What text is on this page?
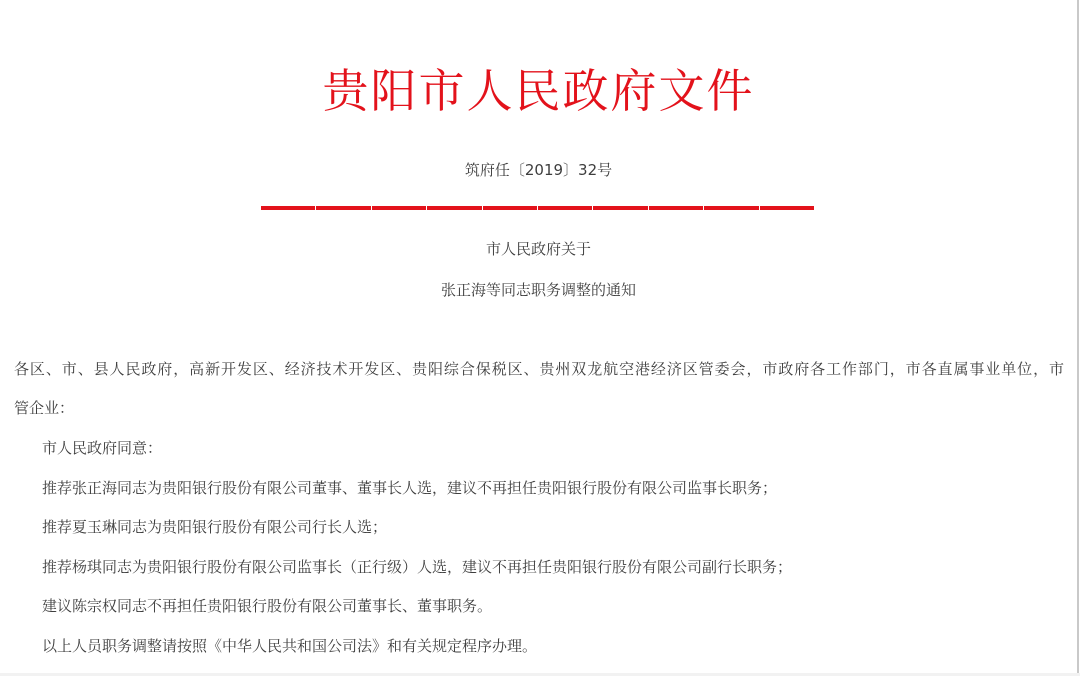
贵阳市人民政府文件
筑府任〔2019〕32号
市人民政府关于
张正海等同志职务调整的通知
各区、市、县人民政府，高新开发区、经济技术开发区、贵阳综合保税区、贵州双龙航空港经济区管委会，市政府各工作部门，市各直属事业单位，市
管企业：
市人民政府同意：
推荐张正海同志为贵阳银行股份有限公司董事、董事长人选，建议不再担任贵阳银行股份有限公司监事长职务；
推荐夏玉琳同志为贵阳银行股份有限公司行长人选；
推荐杨琪同志为贵阳银行股份有限公司监事长（正行级）人选，建议不再担任贵阳银行股份有限公司副行长职务；
建议陈宗权同志不再担任贵阳银行股份有限公司董事长、董事职务。
以上人员职务调整请按照《中华人民共和国公司法》和有关规定程序办理。
